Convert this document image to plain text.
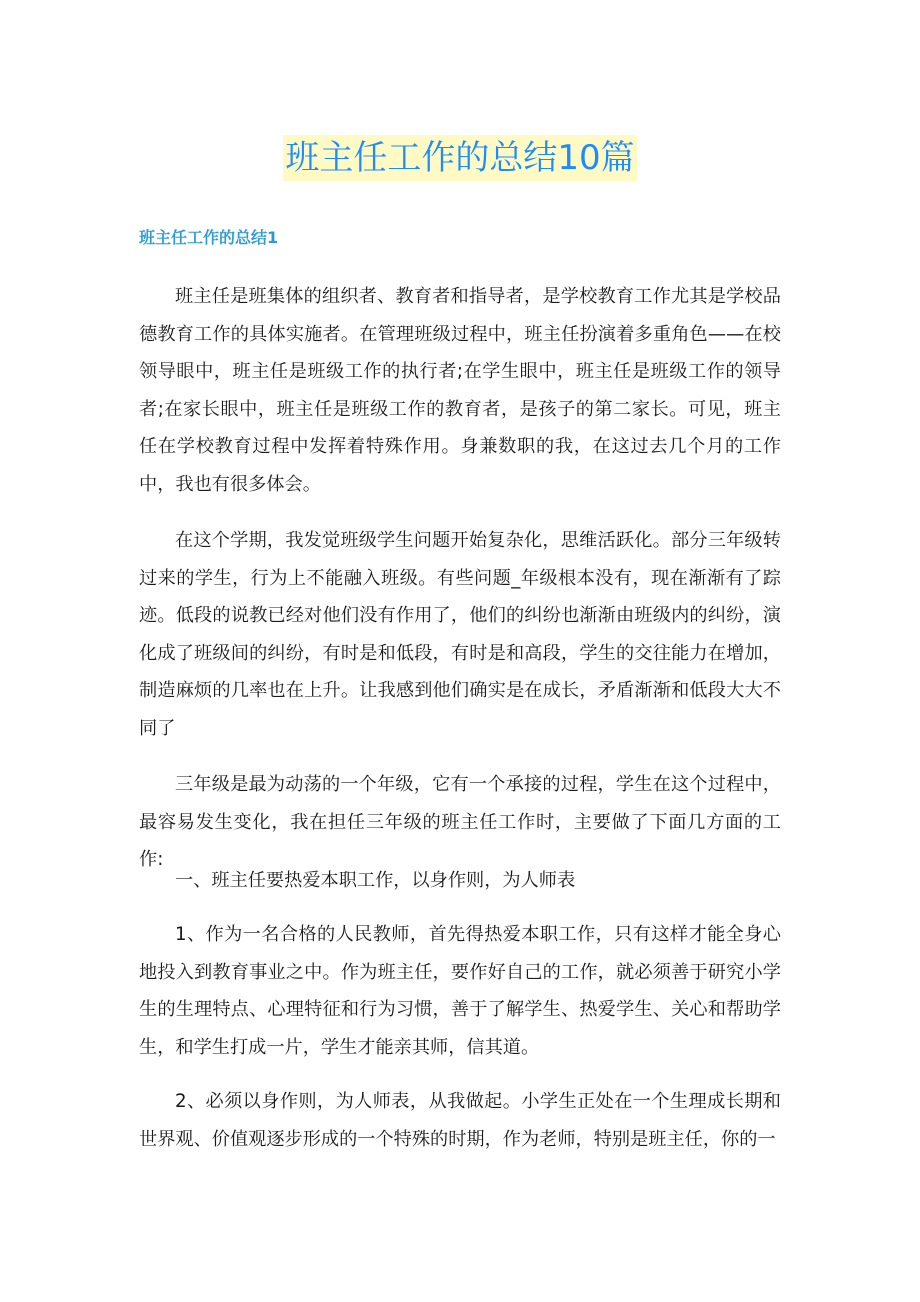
班主任工作的总结10篇
班主任工作的总结1

班主任是班集体的组织者、教育者和指导者，是学校教育工作尤其是学校品德教育工作的具体实施者。在管理班级过程中，班主任扮演着多重角色——在校领导眼中，班主任是班级工作的执行者;在学生眼中，班主任是班级工作的领导者;在家长眼中，班主任是班级工作的教育者，是孩子的第二家长。可见，班主任在学校教育过程中发挥着特殊作用。身兼数职的我，在这过去几个月的工作中，我也有很多体会。

在这个学期，我发觉班级学生问题开始复杂化，思维活跃化。部分三年级转过来的学生，行为上不能融入班级。有些问题_年级根本没有，现在渐渐有了踪迹。低段的说教已经对他们没有作用了，他们的纠纷也渐渐由班级内的纠纷，演化成了班级间的纠纷，有时是和低段，有时是和高段，学生的交往能力在增加，制造麻烦的几率也在上升。让我感到他们确实是在成长，矛盾渐渐和低段大大不同了

三年级是最为动荡的一个年级，它有一个承接的过程，学生在这个过程中，最容易发生变化，我在担任三年级的班主任工作时，主要做了下面几方面的工作:

一、班主任要热爱本职工作，以身作则，为人师表

1、作为一名合格的人民教师，首先得热爱本职工作，只有这样才能全身心地投入到教育事业之中。作为班主任，要作好自己的工作，就必须善于研究小学生的生理特点、心理特征和行为习惯，善于了解学生、热爱学生、关心和帮助学生，和学生打成一片，学生才能亲其师，信其道。

2、必须以身作则，为人师表，从我做起。小学生正处在一个生理成长期和世界观、价值观逐步形成的一个特殊的时期，作为老师，特别是班主任，你的一
